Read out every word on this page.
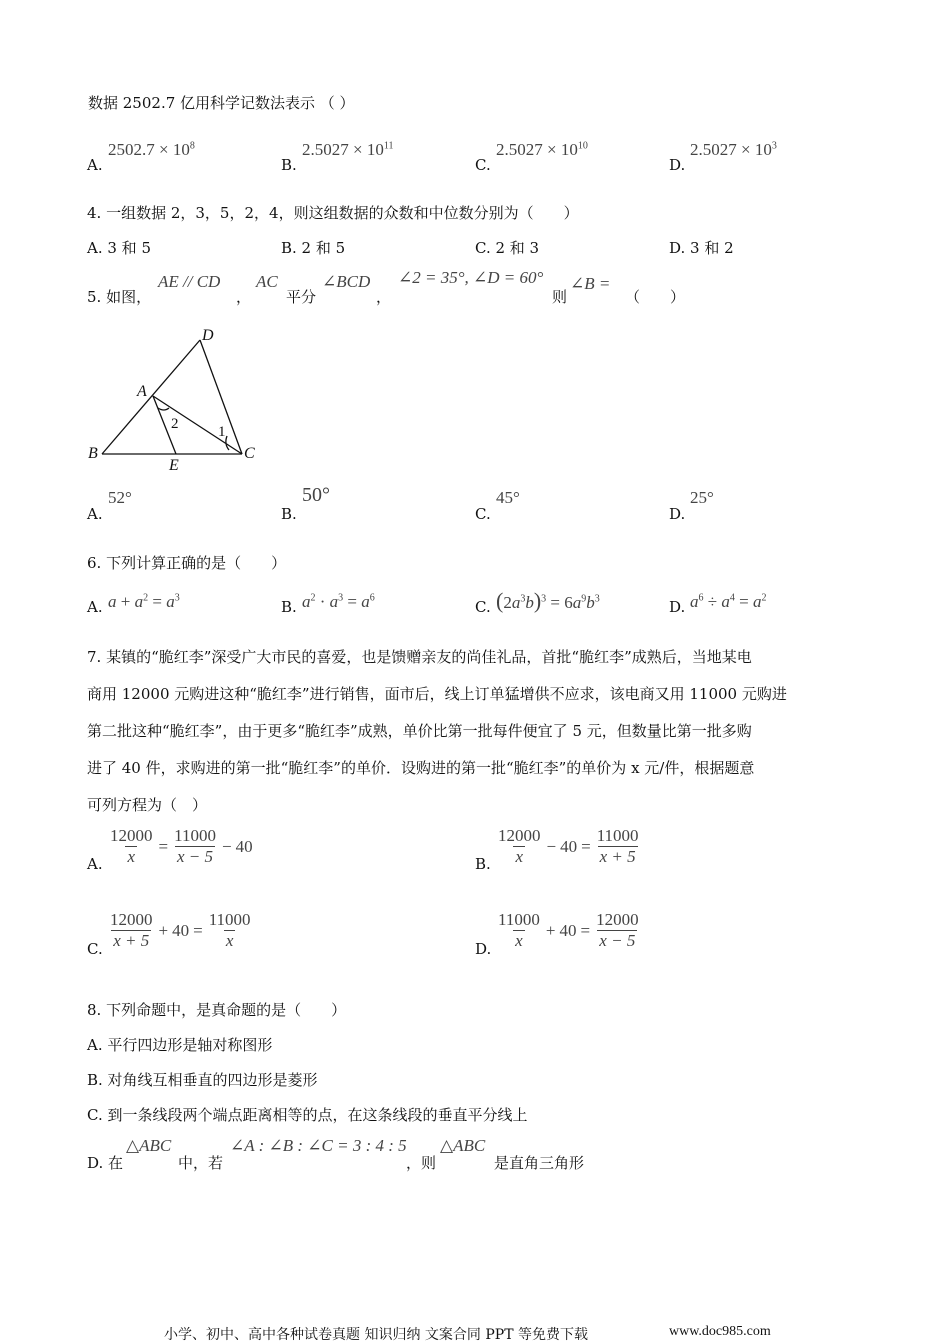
数据 2502.7 亿用科学记数法表示 （ ）
A.
$2502.7 \times 10^8$
B.
$2.5027 \times 10^{11}$
C.
$2.5027 \times 10^{10}$
D.
$2.5027 \times 10^3$
4. 一组数据 2，3，5，2，4，则这组数据的众数和中位数分别为（　　）
A. 3 和 5	B. 2 和 5	C. 2 和 3	D. 3 和 2
5. 如图，
AE // CD
，
AC
平分
∠BCD
，
∠2 = 35°, ∠D = 60°
则
∠B =
（　　）
D
A
B	C
E
2	1
A.
52°
B.
50°
C.
45°
D.
25°
6. 下列计算正确的是（　　）
A. $a + a^2 = a^3$
B. $a^2 \cdot a^3 = a^6$
C. $(2a^3b)^3 = 6a^9b^3$	D. $a^6 \div a^4 = a^2$
7. 某镇的“脆红李”深受广大市民的喜爱，也是馈赠亲友的尚佳礼品，首批“脆红李”成熟后，当地某电
商用 12000 元购进这种“脆红李”进行销售，面市后，线上订单猛增供不应求，该电商又用 11000 元购进
第二批这种“脆红李”，由于更多“脆红李”成熟，单价比第一批每件便宜了 5 元，但数量比第一批多购
进了 40 件，求购进的第一批“脆红李”的单价．设购进的第一批“脆红李”的单价为 x 元/件，根据题意
可列方程为（　）
A. $\frac{12000}{x} = \frac{11000}{x - 5} - 40$
B. $\frac{12000}{x} - 40 = \frac{11000}{x + 5}$
C. $\frac{12000}{x + 5} + 40 = \frac{11000}{x}$	D. $\frac{11000}{x} + 40 = \frac{12000}{x - 5}$
8. 下列命题中，是真命题的是（　　）
A. 平行四边形是轴对称图形
B. 对角线互相垂直的四边形是菱形
C. 到一条线段两个端点距离相等的点，在这条线段的垂直平分线上
D. 在
△ABC
中，若
∠A : ∠B : ∠C = 3 : 4 : 5
，则
△ABC
是直角三角形
小学、初中、高中各种试卷真题 知识归纳 文案合同 PPT 等免费下载	www.doc985.com
